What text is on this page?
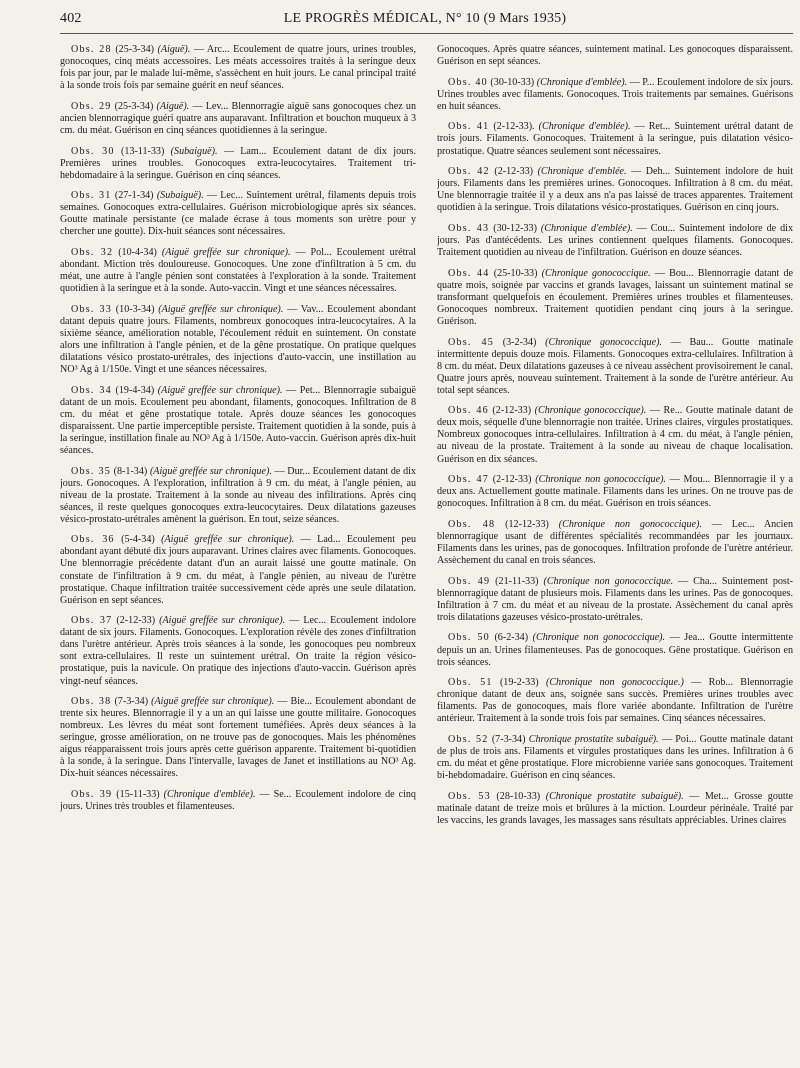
402	LE PROGRÈS MÉDICAL, N° 10 (9 Mars 1935)

Obs. 28 (25-3-34) (Aiguë). — Arc... Ecoulement de quatre jours, urines troubles, gonocoques, cinq méats accessoires. Les méats accessoires traités à la seringue deux fois par jour, par le malade lui-même, s'assèchent en huit jours. Le canal principal traité à la sonde trois fois par semaine guérit en neuf séances.

Obs. 29 (25-3-34) (Aiguë). — Lev... Blennorragie aiguë sans gonocoques chez un ancien blennorragique guéri quatre ans auparavant. Infiltration et bouchon muqueux à 3 cm. du méat. Guérison en cinq séances quotidiennes à la seringue.

Obs. 30 (13-11-33) (Subaiguë). — Lam... Ecoulement datant de dix jours. Premières urines troubles. Gonocoques extra-leucocytaires. Traitement tri-hebdomadaire à la seringue. Guérison en cinq séances.

Obs. 31 (27-1-34) (Subaiguë). — Lec... Suintement urétral, filaments depuis trois semaines. Gonocoques extra-cellulaires. Guérison microbiologique après six séances. Goutte matinale persistante (ce malade écrase à tous moments son urètre pour y chercher une goutte). Dix-huit séances sont nécessaires.

Obs. 32 (10-4-34) (Aiguë greffée sur chronique). — Pol... Ecoulement urétral abondant. Miction très douloureuse. Gonocoques. Une zone d'infiltration à 5 cm. du méat, une autre à l'angle pénien sont constatées à l'exploration à la sonde. Traitement quotidien à la seringue et à la sonde. Auto-vaccin. Vingt et une séances nécessaires.

Obs. 33 (10-3-34) (Aiguë greffée sur chronique). — Vav... Ecoulement abondant datant depuis quatre jours. Filaments, nombreux gonocoques intra-leucocytaires. A la sixième séance, amélioration notable, l'écoulement réduit en suintement. On constate alors une infiltration à l'angle pénien, et de la gêne prostatique. On pratique quelques dilatations vésico prostato-urétrales, des injections d'auto-vaccin, une instillation au NO³ Ag à 1/150e. Vingt et une séances nécessaires.

Obs. 34 (19-4-34) (Aiguë greffée sur chronique). — Pet... Blennorragie subaiguë datant de un mois. Ecoulement peu abondant, filaments, gonocoques. Infiltration de 8 cm. du méat et gêne prostatique totale. Après douze séances les gonocoques disparaissent. Une partie imperceptible persiste. Traitement quotidien à la sonde, puis à la seringue, instillation finale au NO³ Ag à 1/150e. Auto-vaccin. Guérison après dix-huit séances.

Obs. 35 (8-1-34) (Aiguë greffée sur chronique). — Dur... Ecoulement datant de dix jours. Gonocoques. A l'exploration, infiltration à 9 cm. du méat, à l'angle pénien, au niveau de la prostate. Traitement à la sonde au niveau des infiltrations. Après cinq séances, il reste quelques gonocoques extra-leucocytaires. Deux dilatations gazeuses vésico-prostato-urétrales amènent la guérison. En tout, seize séances.

Obs. 36 (5-4-34) (Aiguë greffée sur chronique). — Lad... Ecoulement peu abondant ayant débuté dix jours auparavant. Urines claires avec filaments. Gonocoques. Une blennorragie précédente datant d'un an aurait laissé une goutte matinale. On constate de l'infiltration à 9 cm. du méat, à l'angle pénien, au niveau de l'urètre prostatique. Chaque infiltration traitée successivement cède après une seule dilatation. Guérison en sept séances.

Obs. 37 (2-12-33) (Aiguë greffée sur chronique). — Lec... Ecoulement indolore datant de six jours. Filaments. Gonocoques. L'exploration révèle des zones d'infiltration dans l'urètre antérieur. Après trois séances à la sonde, les gonocoques peu nombreux sont extra-cellulaires. Il reste un suintement urétral. On traite la région vésico-prostatique, puis la navicule. On pratique des injections d'auto-vaccin. Guérison après vingt-neuf séances.

Obs. 38 (7-3-34) (Aiguë greffée sur chronique). — Bie... Ecoulement abondant de trente six heures. Blennorragie il y a un an qui laisse une goutte militaire. Gonocoques nombreux. Les lèvres du méat sont fortement tuméfiées. Après deux séances à la seringue, grosse amélioration, on ne trouve pas de gonocoques. Mais les phénomènes aigus réapparaissent trois jours après cette guérison apparente. Traitement bi-quotidien à la sonde, à la seringue. Dans l'intervalle, lavages de Janet et instillations au NO³ Ag. Dix-huit séances nécessaires.

Obs. 39 (15-11-33) (Chronique d'emblée). — Se... Ecoulement indolore de cinq jours. Urines très troubles et filamenteuses.

Gonocoques. Après quatre séances, suintement matinal. Les gonocoques disparaissent. Guérison en sept séances.

Obs. 40 (30-10-33) (Chronique d'emblée). — P... Ecoulement indolore de six jours. Urines troubles avec filaments. Gonocoques. Trois traitements par semaines. Guérisons en huit séances.

Obs. 41 (2-12-33). (Chronique d'emblée). — Ret... Suintement urétral datant de trois jours. Filaments. Gonocoques. Traitement à la seringue, puis dilatation vésico-prostatique. Quatre séances seulement sont nécessaires.

Obs. 42 (2-12-33) (Chronique d'emblée. — Deh... Suintement indolore de huit jours. Filaments dans les premières urines. Gonocoques. Infiltration à 8 cm. du méat. Une blennorragie traitée il y a deux ans n'a pas laissé de traces apparentes. Traitement quotidien à la seringue. Trois dilatations vésico-prostatiques. Guérison en cinq jours.

Obs. 43 (30-12-33) (Chronique d'emblée). — Cou... Suintement indolore de dix jours. Pas d'antécédents. Les urines contiennent quelques filaments. Gonocoques. Traitement quotidien au niveau de l'infiltration. Guérison en douze séances.

Obs. 44 (25-10-33) (Chronique gonococcique. — Bou... Blennorragie datant de quatre mois, soignée par vaccins et grands lavages, laissant un suintement matinal se transformant quelquefois en écoulement. Premières urines troubles et filamenteuses. Gonocoques nombreux. Traitement quotidien pendant cinq jours à la seringue. Guérison.

Obs. 45 (3-2-34) (Chronique gonococcique). — Bau... Goutte matinale intermittente depuis douze mois. Filaments. Gonocoques extra-cellulaires. Infiltration à 8 cm. du méat. Deux dilatations gazeuses à ce niveau assèchent provisoirement le canal. Quatre jours après, nouveau suintement. Traitement à la sonde de l'urètre antérieur. Au total sept séances.

Obs. 46 (2-12-33) (Chronique gonococcique). — Re... Goutte matinale datant de deux mois, séquelle d'une blennorragie non traitée. Urines claires, virgules prostatiques. Nombreux gonocoques intra-cellulaires. Infiltration à 4 cm. du méat, à l'angle pénien, au niveau de la prostate. Traitement à la sonde au niveau de chaque localisation. Guérison en dix séances.

Obs. 47 (2-12-33) (Chronique non gonococcique). — Mou... Blennorragie il y a deux ans. Actuellement goutte matinale. Filaments dans les urines. On ne trouve pas de gonocoques. Infiltration à 8 cm. du méat. Guérison en trois séances.

Obs. 48 (12-12-33) (Chronique non gonococcique). — Lec... Ancien blennorragique usant de différentes spécialités recommandées par les journaux. Filaments dans les urines, pas de gonocoques. Infiltration profonde de l'urètre antérieur. Assèchement du canal en trois séances.

Obs. 49 (21-11-33) (Chronique non gonococcique. — Cha... Suintement post-blennorragique datant de plusieurs mois. Filaments dans les urines. Pas de gonocoques. Infiltration à 7 cm. du méat et au niveau de la prostate. Assèchement du canal après trois dilatations gazeuses vésico-prostato-urétrales.

Obs. 50 (6-2-34) (Chronique non gonococcique). — Jea... Goutte intermittente depuis un an. Urines filamenteuses. Pas de gonocoques. Gêne prostatique. Guérison en trois séances.

Obs. 51 (19-2-33) (Chronique non gonococcique.) — Rob... Blennorragie chronique datant de deux ans, soignée sans succès. Premières urines troubles avec filaments. Pas de gonocoques, mais flore variée abondante. Infiltration de l'urètre antérieur. Traitement à la sonde trois fois par semaines. Cinq séances nécessaires.

Obs. 52 (7-3-34) Chronique prostatite subaiguë). — Poi... Goutte matinale datant de plus de trois ans. Filaments et virgules prostatiques dans les urines. Infiltration à 6 cm. du méat et gêne prostatique. Flore microbienne variée sans gonocoques. Traitement bi-hebdomadaire. Guérison en cinq séances.

Obs. 53 (28-10-33) (Chronique prostatite subaiguë). — Met... Grosse goutte matinale datant de treize mois et brûlures à la miction. Lourdeur périnéale. Traité par les vaccins, les grands lavages, les massages sans résultats appréciables. Urines claires
